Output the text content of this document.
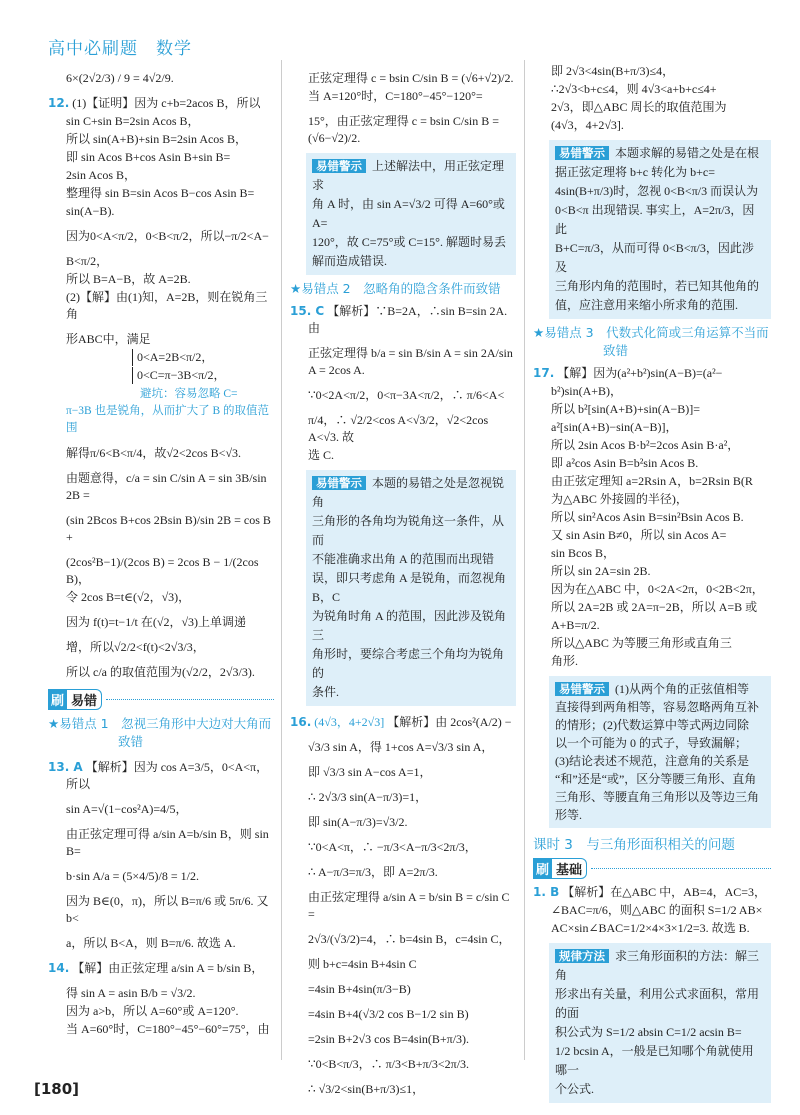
高中必刷题　数学
6×(2√2/3) / 9 = 4√2/9.
12. (1)【证明】因为 c+b=2acos B，所以
sin C+sin B=2sin Acos B，
所以 sin(A+B)+sin B=2sin Acos B，
即 sin Acos B+cos Asin B+sin B=
2sin Acos B，
整理得 sin B=sin Acos B−cos Asin B=
sin(A−B).
因为0<A<π/2，0<B<π/2，所以−π/2<A−
B<π/2，
所以 B=A−B，故 A=2B.
(2)【解】由(1)知，A=2B，则在锐角三角
形ABC中，满足
0<A=2B<π/2，
0<C=π−3B<π/2，
避坑：容易忽略 C=
π−3B 也是锐角，从而扩大了 B 的取值范围
解得π/6<B<π/4，故√2<2cos B<√3.
由题意得，c/a = sin C/sin A = sin 3B/sin 2B =
(sin 2Bcos B+cos 2Bsin B)/sin 2B = cos B +
(2cos²B−1)/(2cos B) = 2cos B − 1/(2cos B)，
令 2cos B=t∈(√2，√3)，
因为 f(t)=t−1/t 在(√2，√3)上单调递
增，所以√2/2<f(t)<2√3/3，
所以 c/a 的取值范围为(√2/2，2√3/3).
刷 易错
★易错点 1　忽视三角形中大边对大角而
致错
13. A 【解析】因为 cos A=3/5，0<A<π，所以
sin A=√(1−cos²A)=4/5，
由正弦定理可得 a/sin A=b/sin B，则 sin B=
b·sin A/a = (5×4/5)/8 = 1/2.
因为 B∈(0，π)，所以 B=π/6 或 5π/6. 又 b<
a，所以 B<A，则 B=π/6. 故选 A.
14. 【解】由正弦定理 a/sin A = b/sin B，
得 sin A = asin B/b = √3/2.
因为 a>b，所以 A=60°或 A=120°.
当 A=60°时，C=180°−45°−60°=75°，由
[180]
正弦定理得 c = bsin C/sin B = (√6+√2)/2.
当 A=120°时，C=180°−45°−120°=
15°，由正弦定理得 c = bsin C/sin B = (√6−√2)/2.
易错警示 上述解法中，用正弦定理求
角 A 时，由 sin A=√3/2 可得 A=60°或 A=
120°，故 C=75°或 C=15°. 解题时易丢
解而造成错误.
★易错点 2　忽略角的隐含条件而致错
15. C 【解析】∵B=2A，∴sin B=sin 2A. 由
正弦定理得 b/a = sin B/sin A = sin 2A/sin A = 2cos A.
∵0<2A<π/2，0<π−3A<π/2，∴ π/6<A<
π/4，∴ √2/2<cos A<√3/2，√2<2cos A<√3. 故
选 C.
易错警示 本题的易错之处是忽视锐角
三角形的各角均为锐角这一条件，从而
不能准确求出角 A 的范围而出现错
误，即只考虑角 A 是锐角，而忽视角 B，C
为锐角时角 A 的范围，因此涉及锐角三
角形时，要综合考虑三个角均为锐角的
条件.
16. (4√3，4+2√3] 【解析】由 2cos²(A/2) −
√3/3 sin A，得 1+cos A=√3/3 sin A，
即 √3/3 sin A−cos A=1，
∴ 2√3/3 sin(A−π/3)=1，
即 sin(A−π/3)=√3/2.
∵0<A<π，∴ −π/3<A−π/3<2π/3，
∴ A−π/3=π/3，即 A=2π/3.
由正弦定理得 a/sin A = b/sin B = c/sin C =
2√3/(√3/2)=4，∴ b=4sin B，c=4sin C，
则 b+c=4sin B+4sin C
=4sin B+4sin(π/3−B)
=4sin B+4(√3/2 cos B−1/2 sin B)
=2sin B+2√3 cos B=4sin(B+π/3).
∵0<B<π/3，∴ π/3<B+π/3<2π/3.
∴ √3/2<sin(B+π/3)≤1，
即 2√3<4sin(B+π/3)≤4，
∴2√3<b+c≤4，则 4√3<a+b+c≤4+
2√3，即△ABC 周长的取值范围为
(4√3，4+2√3].
易错警示 本题求解的易错之处是在根
据正弦定理将 b+c 转化为 b+c=
4sin(B+π/3)时，忽视 0<B<π/3 而误认为
0<B<π 出现错误. 事实上，A=2π/3，因此
B+C=π/3，从而可得 0<B<π/3，因此涉及
三角形内角的范围时，若已知其他角的
值，应注意用来缩小所求角的范围.
★易错点 3　代数式化简或三角运算不当而
致错
17. 【解】因为(a²+b²)sin(A−B)=(a²−
b²)sin(A+B)，
所以 b²[sin(A+B)+sin(A−B)]=
a²[sin(A+B)−sin(A−B)]，
所以 2sin Acos B·b²=2cos Asin B·a²，
即 a²cos Asin B=b²sin Acos B.
由正弦定理知 a=2Rsin A，b=2Rsin B(R
为△ABC 外接圆的半径)，
所以 sin²Acos Asin B=sin²Bsin Acos B.
又 sin Asin B≠0，所以 sin Acos A=
sin Bcos B，
所以 sin 2A=sin 2B.
因为在△ABC 中，0<2A<2π，0<2B<2π，
所以 2A=2B 或 2A=π−2B，所以 A=B 或
A+B=π/2.
所以△ABC 为等腰三角形或直角三
角形.
易错警示 (1)从两个角的正弦值相等
直接得到两角相等，容易忽略两角互补
的情形；(2)代数运算中等式两边同除
以一个可能为 0 的式子，导致漏解；
(3)结论表述不规范，注意角的关系是
“和”还是“或”，区分等腰三角形、直角
三角形、等腰直角三角形以及等边三角
形等.
课时 3　与三角形面积相关的问题
刷 基础
1. B 【解析】在△ABC 中，AB=4，AC=3，
∠BAC=π/6，则△ABC 的面积 S=1/2 AB×
AC×sin∠BAC=1/2×4×3×1/2=3. 故选 B.
规律方法 求三角形面积的方法：解三角
形求出有关量，利用公式求面积，常用的面
积公式为 S=1/2 absin C=1/2 acsin B=
1/2 bcsin A，一般是已知哪个角就使用哪一
个公式.
